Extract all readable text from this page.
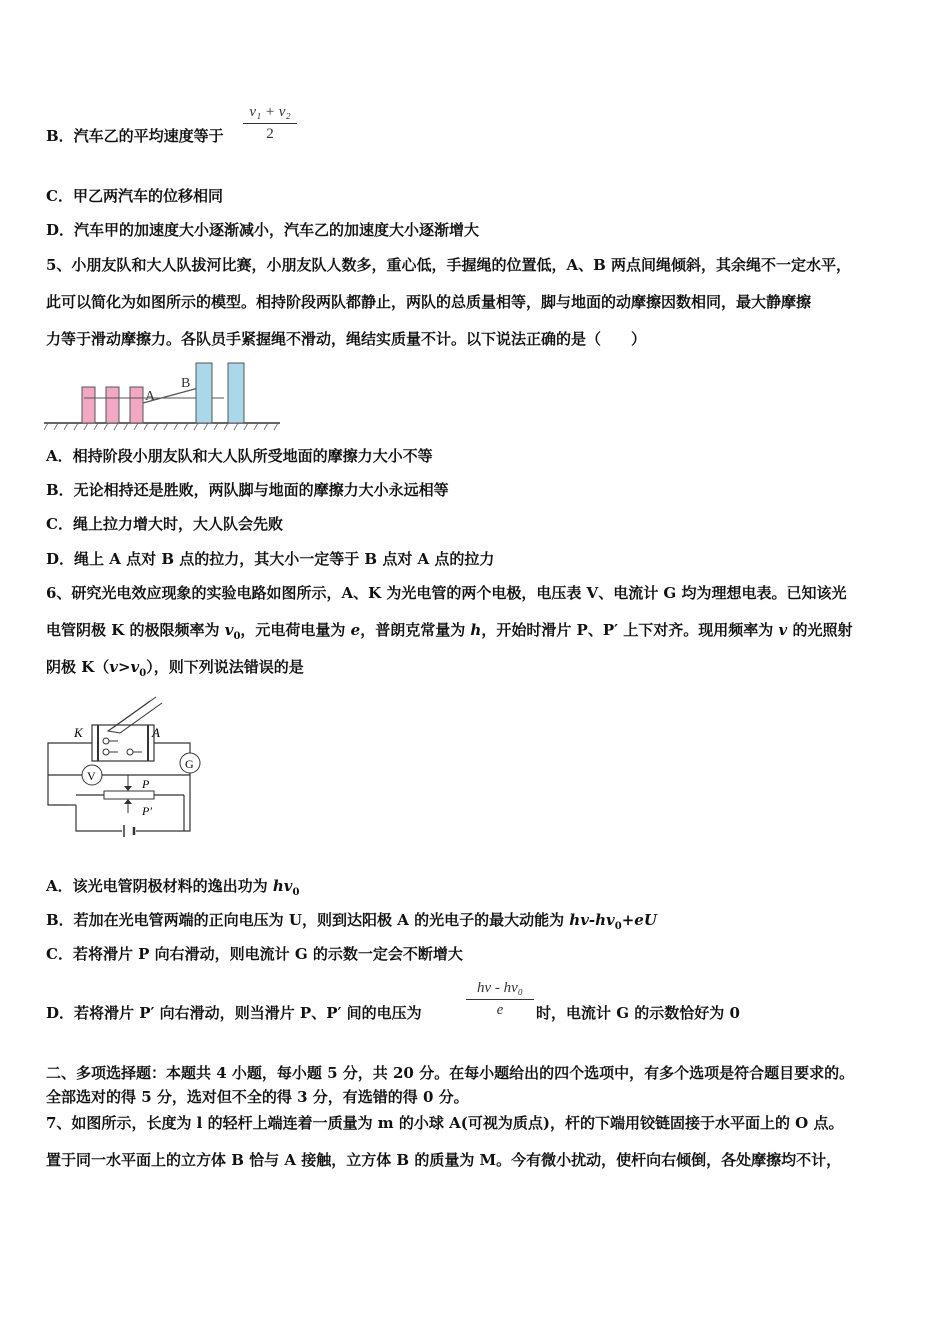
B．汽车乙的平均速度等于
v₁ + v₂
2
C．甲乙两汽车的位移相同
D．汽车甲的加速度大小逐渐减小，汽车乙的加速度大小逐渐增大
5、小朋友队和大人队拔河比赛，小朋友队人数多，重心低，手握绳的位置低，A、B 两点间绳倾斜，其余绳不一定水平，
此可以简化为如图所示的模型。相持阶段两队都静止，两队的总质量相等，脚与地面的动摩擦因数相同，最大静摩擦
力等于滑动摩擦力。各队员手紧握绳不滑动，绳结实质量不计。以下说法正确的是（　　）
A
B
A．相持阶段小朋友队和大人队所受地面的摩擦力大小不等
B．无论相持还是胜败，两队脚与地面的摩擦力大小永远相等
C．绳上拉力增大时，大人队会先败
D．绳上 A 点对 B 点的拉力，其大小一定等于 B 点对 A 点的拉力
6、研究光电效应现象的实验电路如图所示，A、K 为光电管的两个电极，电压表 V、电流计 G 均为理想电表。已知该光
电管阴极 K 的极限频率为 $v_0$，元电荷电量为 e，普朗克常量为 h，开始时滑片 P、P′ 上下对齐。现用频率为 v 的光照射
阴极 $K(v>v_0)$，则下列说法错误的是
K	A
V
G
P
P′
A．该光电管阴极材料的逸出功为 $hv_0$
B．若加在光电管两端的正向电压为 U，则到达阳极 A 的光电子的最大动能为 $hv-hv_0+eU$
C．若将滑片 P 向右滑动，则电流计 G 的示数一定会不断增大
D．若将滑片 P′ 向右滑动，则当滑片 P、P′ 间的电压为
hv - hv₀
e	时，电流计 G 的示数恰好为 0
二、多项选择题：本题共 4 小题，每小题 5 分，共 20 分。在每小题给出的四个选项中，有多个选项是符合题目要求的。
全部选对的得 5 分，选对但不全的得 3 分，有选错的得 0 分。
7、如图所示，长度为 l 的轻杆上端连着一质量为 m 的小球 A(可视为质点)，杆的下端用铰链固接于水平面上的 O 点。
置于同一水平面上的立方体 B 恰与 A 接触，立方体 B 的质量为 M。今有微小扰动，使杆向右倾倒，各处摩擦均不计，
